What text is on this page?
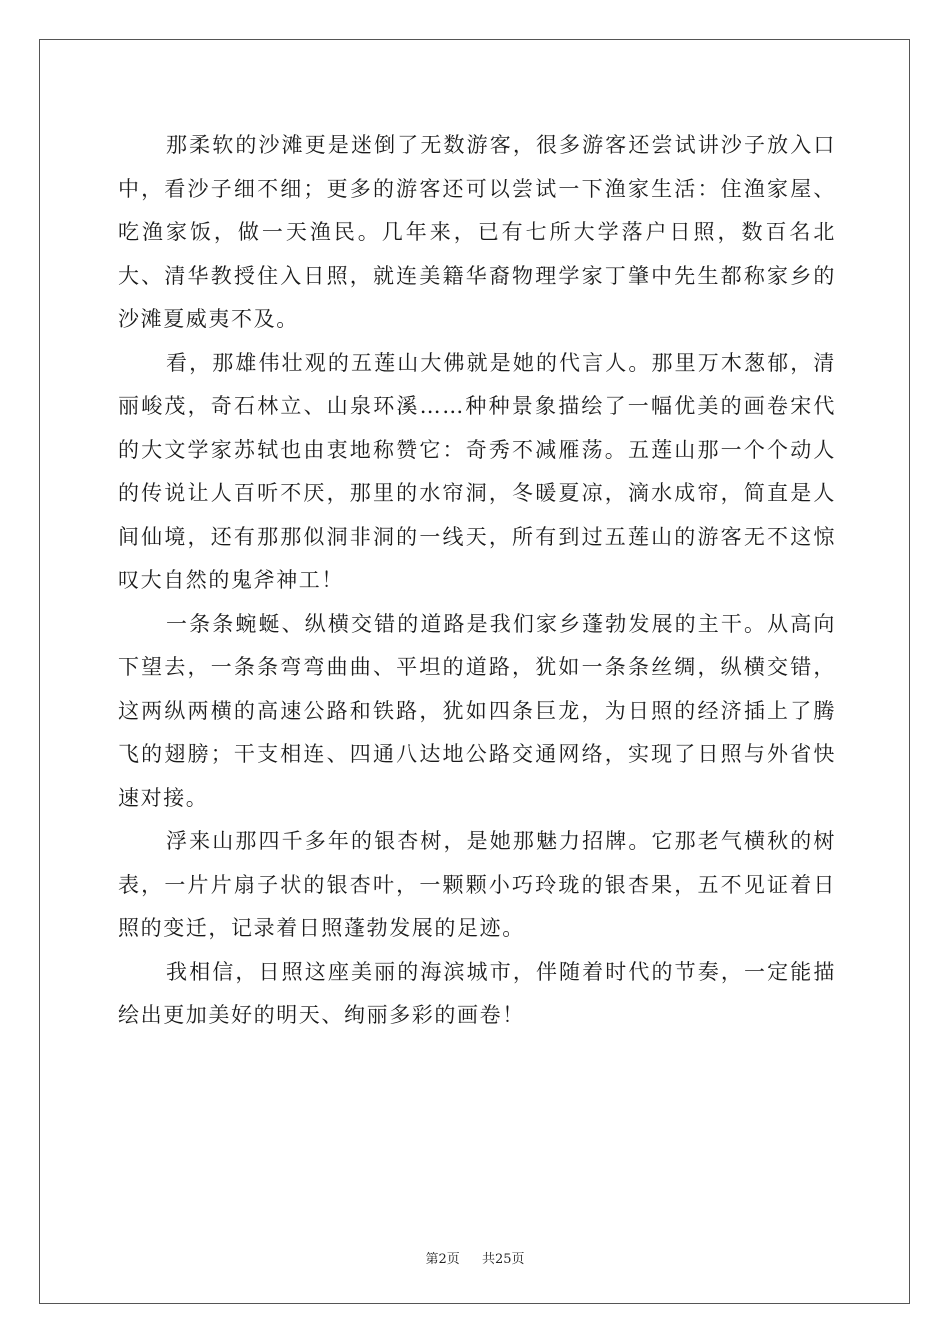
那柔软的沙滩更是迷倒了无数游客，很多游客还尝试讲沙子放入口中，看沙子细不细；更多的游客还可以尝试一下渔家生活：住渔家屋、吃渔家饭，做一天渔民。几年来，已有七所大学落户日照，数百名北大、清华教授住入日照，就连美籍华裔物理学家丁肇中先生都称家乡的沙滩夏威夷不及。

看，那雄伟壮观的五莲山大佛就是她的代言人。那里万木葱郁，清丽峻茂，奇石林立、山泉环溪……种种景象描绘了一幅优美的画卷宋代的大文学家苏轼也由衷地称赞它：奇秀不减雁荡。五莲山那一个个动人的传说让人百听不厌，那里的水帘洞，冬暖夏凉，滴水成帘，简直是人间仙境，还有那那似洞非洞的一线天，所有到过五莲山的游客无不这惊叹大自然的鬼斧神工！

一条条蜿蜒、纵横交错的道路是我们家乡蓬勃发展的主干。从高向下望去，一条条弯弯曲曲、平坦的道路，犹如一条条丝绸，纵横交错，这两纵两横的高速公路和铁路，犹如四条巨龙，为日照的经济插上了腾飞的翅膀；干支相连、四通八达地公路交通网络，实现了日照与外省快速对接。

浮来山那四千多年的银杏树，是她那魅力招牌。它那老气横秋的树表，一片片扇子状的银杏叶，一颗颗小巧玲珑的银杏果，五不见证着日照的变迁，记录着日照蓬勃发展的足迹。

我相信，日照这座美丽的海滨城市，伴随着时代的节奏，一定能描绘出更加美好的明天、绚丽多彩的画卷！

第2页 共25页
